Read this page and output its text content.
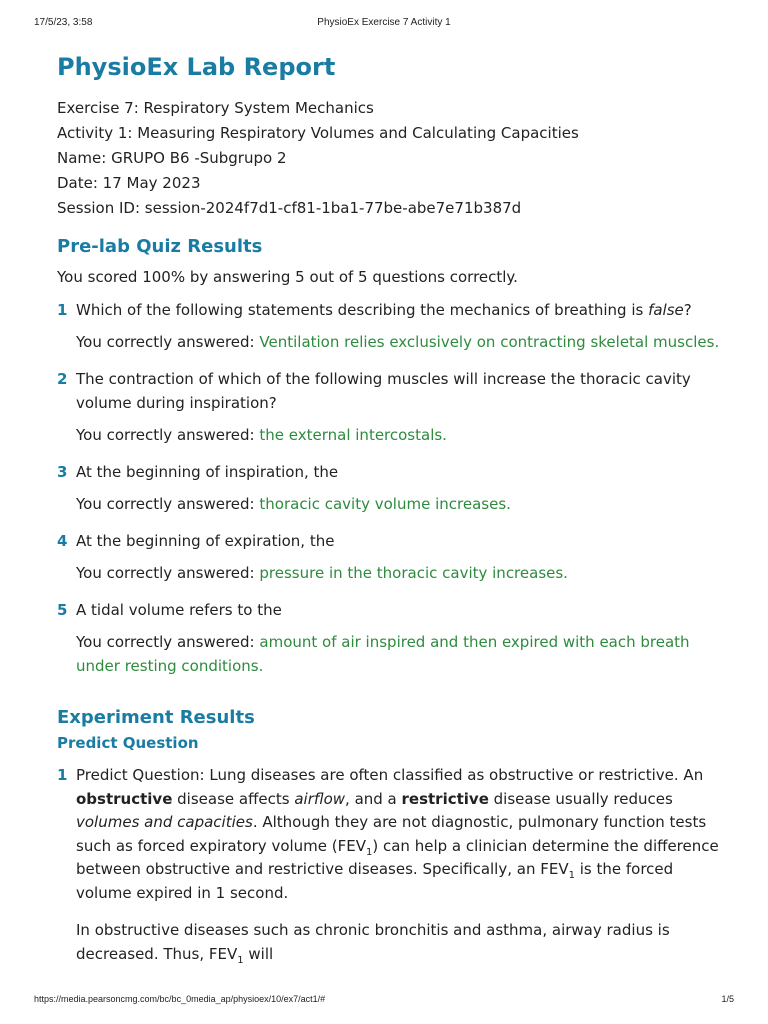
17/5/23, 3:58	PhysioEx Exercise 7 Activity 1
PhysioEx Lab Report
Exercise 7: Respiratory System Mechanics
Activity 1: Measuring Respiratory Volumes and Calculating Capacities
Name: GRUPO B6 -Subgrupo 2
Date: 17 May 2023
Session ID: session-2024f7d1-cf81-1ba1-77be-abe7e71b387d
Pre-lab Quiz Results
You scored 100% by answering 5 out of 5 questions correctly.
1 Which of the following statements describing the mechanics of breathing is false?
You correctly answered: Ventilation relies exclusively on contracting skeletal muscles.
2 The contraction of which of the following muscles will increase the thoracic cavity volume during inspiration?
You correctly answered: the external intercostals.
3 At the beginning of inspiration, the
You correctly answered: thoracic cavity volume increases.
4 At the beginning of expiration, the
You correctly answered: pressure in the thoracic cavity increases.
5 A tidal volume refers to the
You correctly answered: amount of air inspired and then expired with each breath under resting conditions.
Experiment Results
Predict Question
1 Predict Question: Lung diseases are often classified as obstructive or restrictive. An obstructive disease affects airflow, and a restrictive disease usually reduces volumes and capacities. Although they are not diagnostic, pulmonary function tests such as forced expiratory volume $(FEV_1)$ can help a clinician determine the difference between obstructive and restrictive diseases. Specifically, an $FEV_1$ is the forced volume expired in 1 second.
In obstructive diseases such as chronic bronchitis and asthma, airway radius is decreased. Thus, $FEV_1$ will
https://media.pearsoncmg.com/bc/bc_0media_ap/physioex/10/ex7/act1/#	1/5
